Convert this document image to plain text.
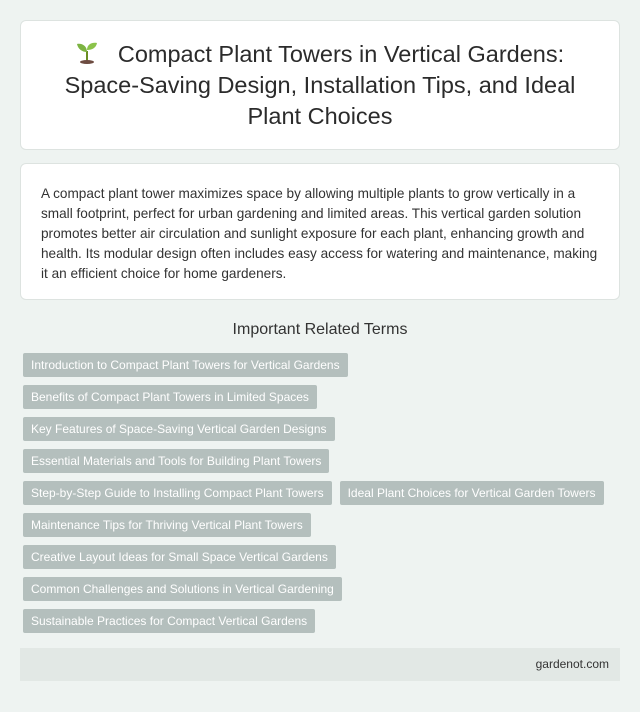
Compact Plant Towers in Vertical Gardens: Space-Saving Design, Installation Tips, and Ideal Plant Choices

A compact plant tower maximizes space by allowing multiple plants to grow vertically in a small footprint, perfect for urban gardening and limited areas. This vertical garden solution promotes better air circulation and sunlight exposure for each plant, enhancing growth and health. Its modular design often includes easy access for watering and maintenance, making it an efficient choice for home gardeners.

Important Related Terms
Introduction to Compact Plant Towers for Vertical Gardens
Benefits of Compact Plant Towers in Limited Spaces
Key Features of Space-Saving Vertical Garden Designs
Essential Materials and Tools for Building Plant Towers
Step-by-Step Guide to Installing Compact Plant Towers	Ideal Plant Choices for Vertical Garden Towers
Maintenance Tips for Thriving Vertical Plant Towers
Creative Layout Ideas for Small Space Vertical Gardens
Common Challenges and Solutions in Vertical Gardening
Sustainable Practices for Compact Vertical Gardens
gardenot.com
